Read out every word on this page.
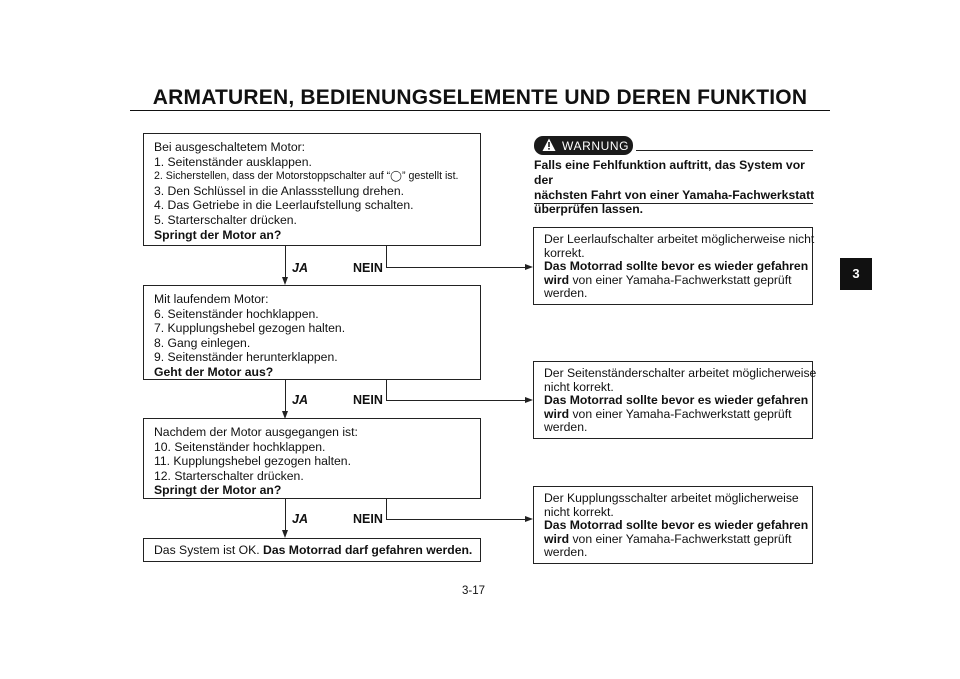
ARMATUREN, BEDIENUNGSELEMENTE UND DEREN FUNKTION
Bei ausgeschaltetem Motor:
1. Seitenständer ausklappen.
2. Sicherstellen, dass der Motorstoppschalter auf “◯” gestellt ist.
3. Den Schlüssel in die Anlassstellung drehen.
4. Das Getriebe in die Leerlaufstellung schalten.
5. Starterschalter drücken.
Springt der Motor an?
JA	NEIN
Mit laufendem Motor:
6. Seitenständer hochklappen.
7. Kupplungshebel gezogen halten.
8. Gang einlegen.
9. Seitenständer herunterklappen.
Geht der Motor aus?
JA	NEIN
Nachdem der Motor ausgegangen ist:
10. Seitenständer hochklappen.
11. Kupplungshebel gezogen halten.
12. Starterschalter drücken.
Springt der Motor an?
JA	NEIN
Das System ist OK. Das Motorrad darf gefahren werden.
WARNUNG
Falls eine Fehlfunktion auftritt, das System vor der
nächsten Fahrt von einer Yamaha-Fachwerkstatt
überprüfen lassen.
Der Leerlaufschalter arbeitet möglicherweise nicht
korrekt.
Das Motorrad sollte bevor es wieder gefahren
wird von einer Yamaha-Fachwerkstatt geprüft
werden.
Der Seitenständerschalter arbeitet möglicherweise
nicht korrekt.
Das Motorrad sollte bevor es wieder gefahren
wird von einer Yamaha-Fachwerkstatt geprüft
werden.
Der Kupplungsschalter arbeitet möglicherweise
nicht korrekt.
Das Motorrad sollte bevor es wieder gefahren
wird von einer Yamaha-Fachwerkstatt geprüft
werden.
3
3-17
